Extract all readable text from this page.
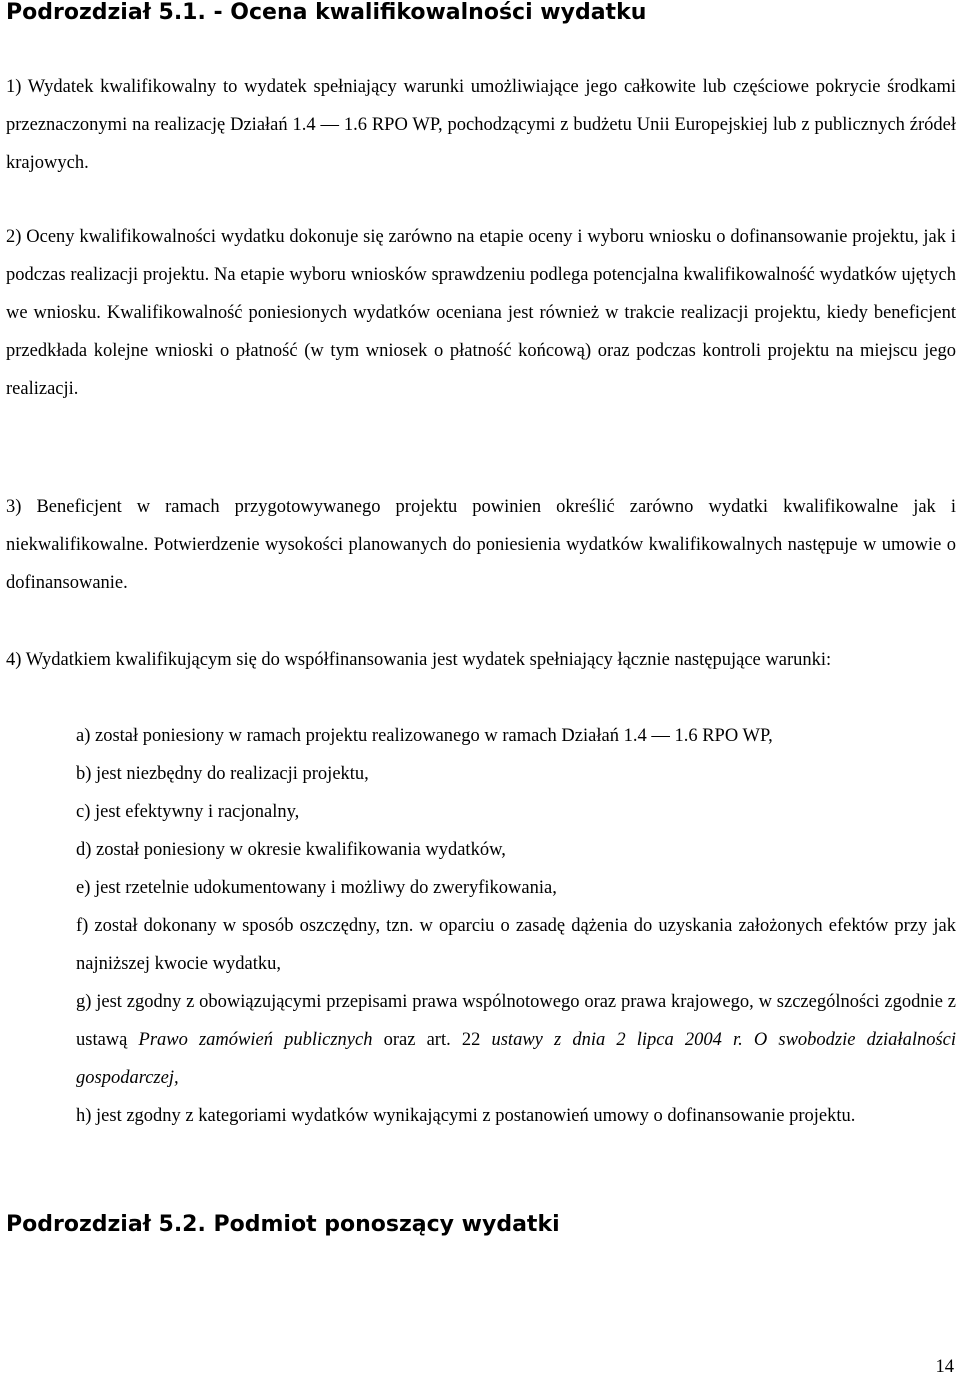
Podrozdział 5.1. - Ocena kwalifikowalności wydatku

1) Wydatek kwalifikowalny to wydatek spełniający warunki umożliwiające jego całkowite lub częściowe pokrycie środkami przeznaczonymi na realizację Działań 1.4 — 1.6 RPO WP, pochodzącymi z budżetu Unii Europejskiej lub z publicznych źródeł krajowych.

2) Oceny kwalifikowalności wydatku dokonuje się zarówno na etapie oceny i wyboru wniosku o dofinansowanie projektu, jak i podczas realizacji projektu. Na etapie wyboru wniosków sprawdzeniu podlega potencjalna kwalifikowalność wydatków ujętych we wniosku. Kwalifikowalność poniesionych wydatków oceniana jest również w trakcie realizacji projektu, kiedy beneficjent przedkłada kolejne wnioski o płatność (w tym wniosek o płatność końcową) oraz podczas kontroli projektu na miejscu jego realizacji.

3) Beneficjent w ramach przygotowywanego projektu powinien określić zarówno wydatki kwalifikowalne jak i niekwalifikowalne. Potwierdzenie wysokości planowanych do poniesienia wydatków kwalifikowalnych następuje w umowie o dofinansowanie.

4) Wydatkiem kwalifikującym się do współfinansowania jest wydatek spełniający łącznie następujące warunki:

a) został poniesiony w ramach projektu realizowanego w ramach Działań 1.4 — 1.6 RPO WP,
b) jest niezbędny do realizacji projektu,
c) jest efektywny i racjonalny,
d) został poniesiony w okresie kwalifikowania wydatków,
e) jest rzetelnie udokumentowany i możliwy do zweryfikowania,
f) został dokonany w sposób oszczędny, tzn. w oparciu o zasadę dążenia do uzyskania założonych efektów przy jak najniższej kwocie wydatku,
g) jest zgodny z obowiązującymi przepisami prawa wspólnotowego oraz prawa krajowego, w szczególności zgodnie z ustawą Prawo zamówień publicznych oraz art. 22 ustawy z dnia 2 lipca 2004 r. O swobodzie działalności gospodarczej,
h) jest zgodny z kategoriami wydatków wynikającymi z postanowień umowy o dofinansowanie projektu.
Podrozdział 5.2. Podmiot ponoszący wydatki
14
